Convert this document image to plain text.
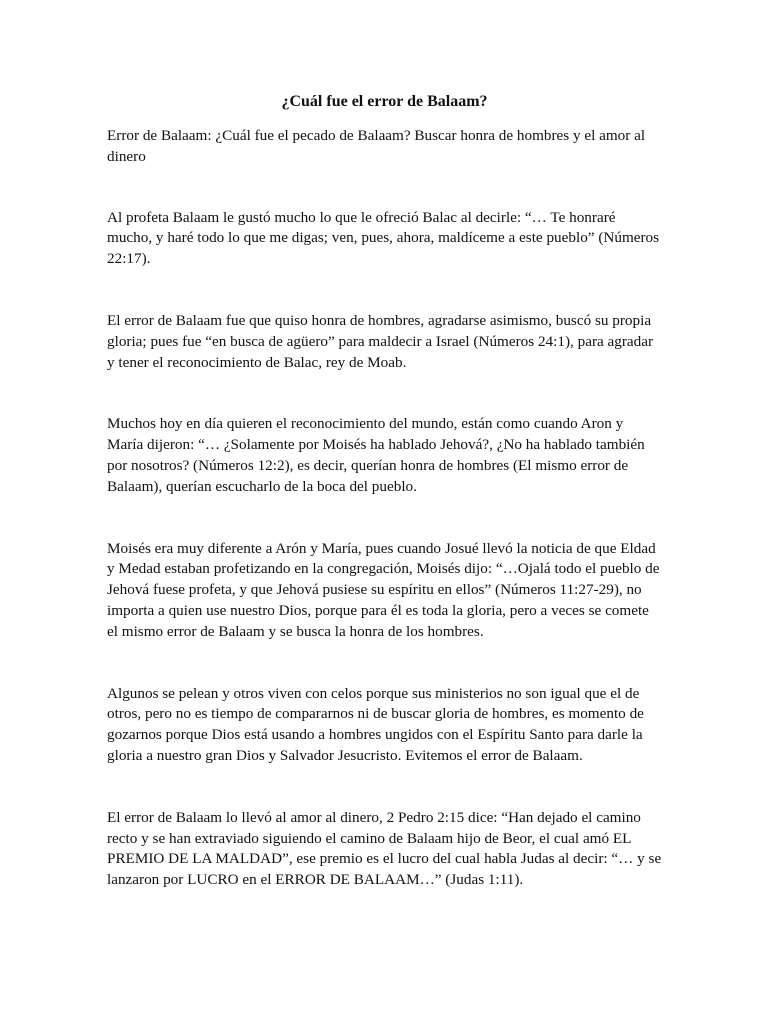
¿Cuál fue el error de Balaam?

Error de Balaam: ¿Cuál fue el pecado de Balaam? Buscar honra de hombres y el amor al dinero

Al profeta Balaam le gustó mucho lo que le ofreció Balac al decirle: “… Te honraré mucho, y haré todo lo que me digas; ven, pues, ahora, maldíceme a este pueblo” (Números 22:17).

El error de Balaam fue que quiso honra de hombres, agradarse asimismo, buscó su propia gloria; pues fue “en busca de agüero” para maldecir a Israel (Números 24:1), para agradar y tener el reconocimiento de Balac, rey de Moab.

Muchos hoy en día quieren el reconocimiento del mundo, están como cuando Aron y María dijeron: “… ¿Solamente por Moisés ha hablado Jehová?, ¿No ha hablado también por nosotros? (Números 12:2), es decir, querían honra de hombres (El mismo error de Balaam), querían escucharlo de la boca del pueblo.

Moisés era muy diferente a Arón y María, pues cuando Josué llevó la noticia de que Eldad y Medad estaban profetizando en la congregación, Moisés dijo: “…Ojalá todo el pueblo de Jehová fuese profeta, y que Jehová pusiese su espíritu en ellos” (Números 11:27-29), no importa a quien use nuestro Dios, porque para él es toda la gloria, pero a veces se comete el mismo error de Balaam y se busca la honra de los hombres.

Algunos se pelean y otros viven con celos porque sus ministerios no son igual que el de otros, pero no es tiempo de compararnos ni de buscar gloria de hombres, es momento de gozarnos porque Dios está usando a hombres ungidos con el Espíritu Santo para darle la gloria a nuestro gran Dios y Salvador Jesucristo. Evitemos el error de Balaam.

El error de Balaam lo llevó al amor al dinero, 2 Pedro 2:15 dice: “Han dejado el camino recto y se han extraviado siguiendo el camino de Balaam hijo de Beor, el cual amó EL PREMIO DE LA MALDAD”, ese premio es el lucro del cual habla Judas al decir: “… y se lanzaron por LUCRO en el ERROR DE BALAAM…” (Judas 1:11).
